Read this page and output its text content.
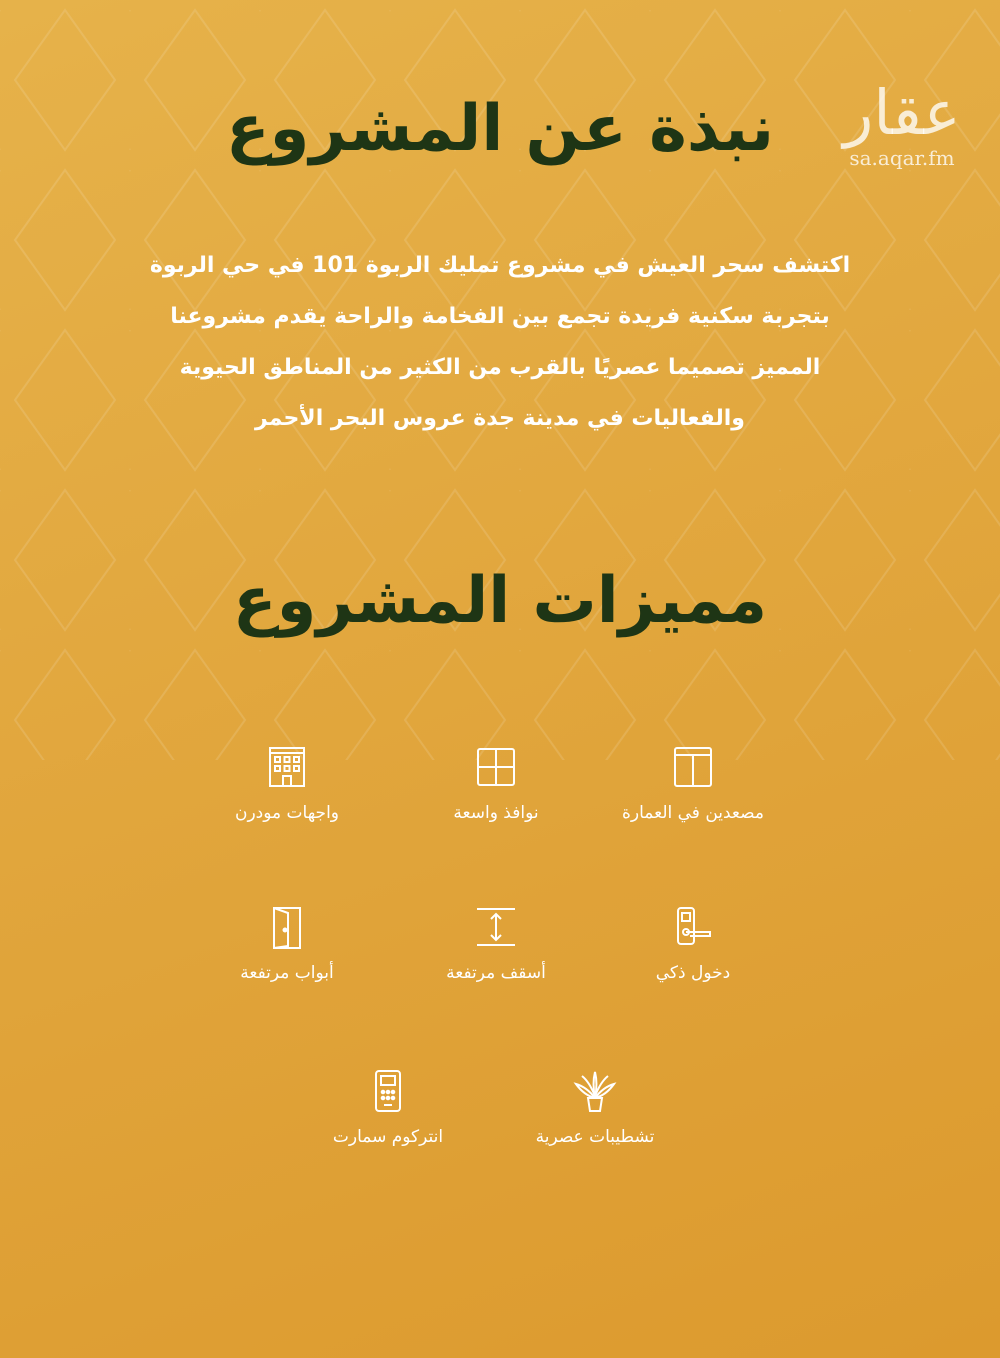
عقار
sa.aqar.fm
نبذة عن المشروع
اكتشف سحر العيش في مشروع تمليك الربوة 101 في حي الربوة
بتجربة سكنية فريدة تجمع بين الفخامة والراحة يقدم مشروعنا
المميز تصميما عصريًا بالقرب من الكثير من المناطق الحيوية
والفعاليات في مدينة جدة عروس البحر الأحمر
مميزات المشروع
مصعدين في العمارة
نوافذ واسعة
واجهات مودرن
دخول ذكي
أسقف مرتفعة
أبواب مرتفعة
تشطيبات عصرية
انتركوم سمارت
